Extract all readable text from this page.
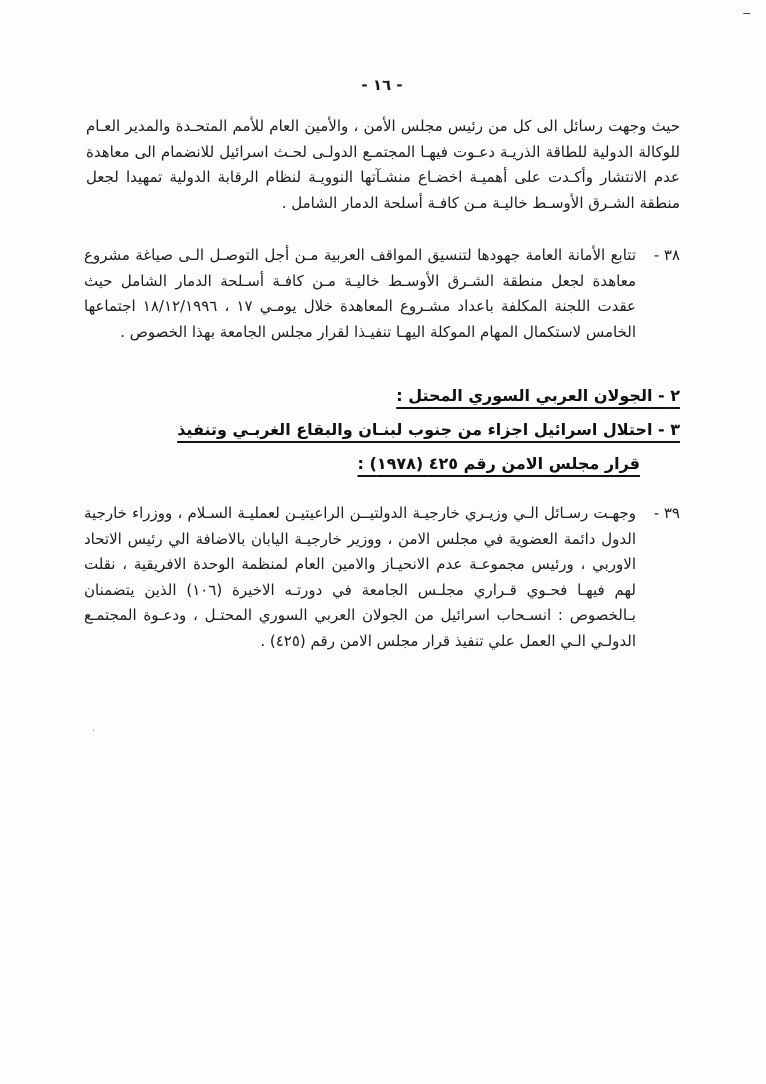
ــ
·
- ١٦ -
حيث وجهت رسائل الى كل من رئيس مجلس الأمن ، والأمين العام للأمم المتحـدة والمدير العـام للوكالة الدولية للطاقة الذريـة دعـوت فيهـا المجتمـع الدولـى لحـث اسرائيل للانضمام الى معاهدة عدم الانتشار وأكـدت على أهميـة اخضـاع منشـآتها النوويـة لنظام الرقابة الدولية تمهيدا لجعل منطقة الشـرق الأوسـط خاليـة مـن كافـة أسلحة الدمار الشامل .
٣٨ -
تتابع الأمانة العامة جهودها لتنسيق المواقف العربية مـن أجل التوصـل الـى صياغة مشروع معاهدة لجعل منطقة الشـرق الأوسـط خاليـة مـن كافـة أسـلحة الدمار الشامل حيث عقدت اللجنة المكلفة باعداد مشـروع المعاهدة خلال يومـي ١٧ ، ١٨/١٢/١٩٩٦ اجتماعها الخامس لاستكمال المهام الموكلة اليهـا تنفيـذا لقرار مجلس الجامعة بهذا الخصوص .
٢ - الجولان العربي السوري المحتل :
٣ - احتلال اسرائيل اجزاء من جنوب لبنـان والبقاع الغربـي وتنفيذ
قرار مجلس الامن رقم ٤٢٥ (١٩٧٨) :
٣٩ -
وجهـت رسـائل الـي وزيـري خارجيـة الدولتيــن الراعيتيـن لعمليـة السـلام ، ووزراء خارجية الدول دائمة العضوية في مجلس الامن ، ووزير خارجيـة اليابان بالاضافة الي رئيس الاتحاد الاوربي ، ورئيس مجموعـة عدم الانحيـاز والامين العام لمنظمة الوحدة الافريقية ، نقلت لهم فيهـا فحـوي قـراري مجلـس الجامعة في دورتـه الاخيرة (١٠٦) الذين يتضمنان بـالخصوص : انسـحاب اسرائيل من الجولان العربي السوري المحتـل ، ودعـوة المجتمـع الدولـي الـي العمل علي تنفيذ قرار مجلس الامن رقم (٤٢٥) .
